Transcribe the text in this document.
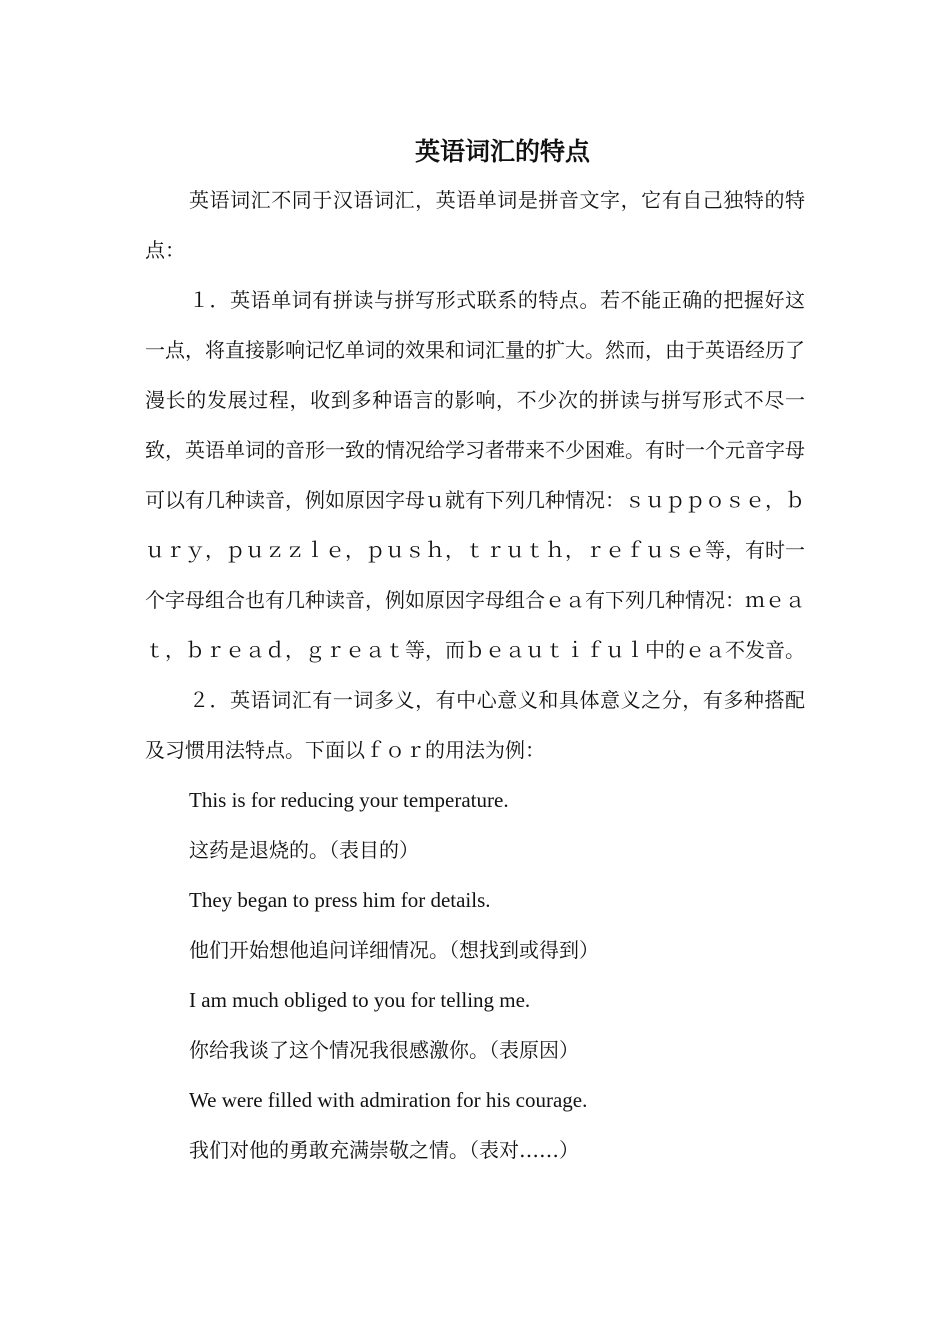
英语词汇的特点

英语词汇不同于汉语词汇，英语单词是拼音文字，它有自己独特的特点：

１．英语单词有拼读与拼写形式联系的特点。若不能正确的把握好这一点，将直接影响记忆单词的效果和词汇量的扩大。然而，由于英语经历了漫长的发展过程，收到多种语言的影响，不少次的拼读与拼写形式不尽一致，英语单词的音形一致的情况给学习者带来不少困难。有时一个元音字母可以有几种读音，例如原因字母ｕ就有下列几种情况：ｓｕｐｐｏｓｅ，ｂｕｒｙ，ｐｕｚｚｌｅ，ｐｕｓｈ，ｔｒｕｔｈ，ｒｅｆｕｓｅ等，有时一个字母组合也有几种读音，例如原因字母组合ｅａ有下列几种情况：ｍｅａｔ，ｂｒｅａｄ，ｇｒｅａｔ等，而ｂｅａｕｔｉｆｕｌ中的ｅａ不发音。

２．英语词汇有一词多义，有中心意义和具体意义之分，有多种搭配及习惯用法特点。下面以ｆｏｒ的用法为例：

This is for reducing your temperature.

这药是退烧的。（表目的）

They began to press him for details.

他们开始想他追问详细情况。（想找到或得到）

I am much obliged to you for telling me.

你给我谈了这个情况我很感激你。（表原因）

We were filled with admiration for his courage.

我们对他的勇敢充满崇敬之情。（表对……）
